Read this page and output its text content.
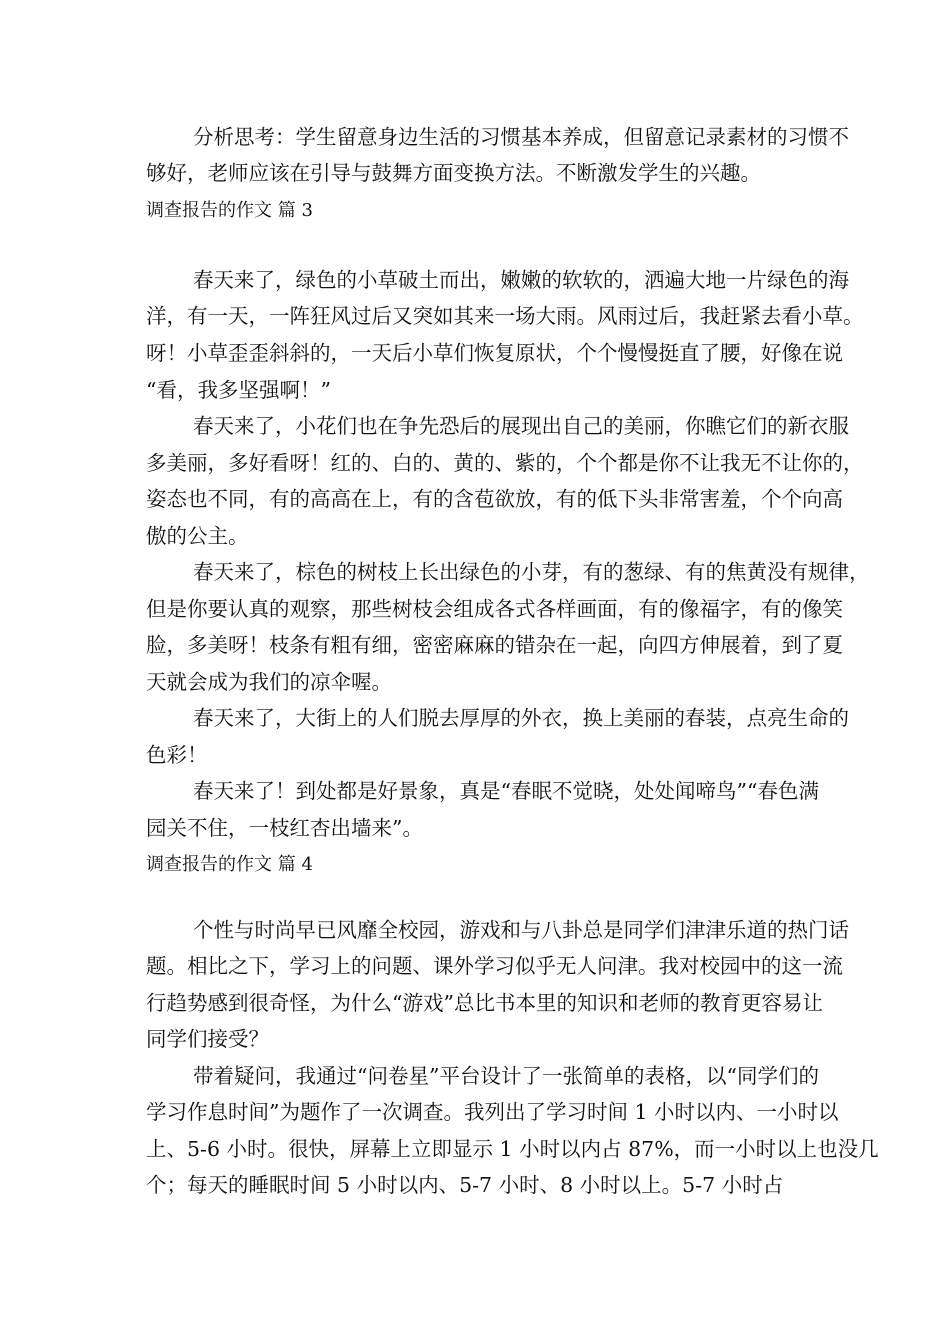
分析思考：学生留意身边生活的习惯基本养成，但留意记录素材的习惯不
够好，老师应该在引导与鼓舞方面变换方法。不断激发学生的兴趣。
调查报告的作文 篇 3
春天来了，绿色的小草破土而出，嫩嫩的软软的，洒遍大地一片绿色的海
洋，有一天，一阵狂风过后又突如其来一场大雨。风雨过后，我赶紧去看小草。
呀！小草歪歪斜斜的，一天后小草们恢复原状，个个慢慢挺直了腰，好像在说
“看，我多坚强啊！”
春天来了，小花们也在争先恐后的展现出自己的美丽，你瞧它们的新衣服
多美丽，多好看呀！红的、白的、黄的、紫的，个个都是你不让我无不让你的，
姿态也不同，有的高高在上，有的含苞欲放，有的低下头非常害羞，个个向高
傲的公主。
春天来了，棕色的树枝上长出绿色的小芽，有的葱绿、有的焦黄没有规律，
但是你要认真的观察，那些树枝会组成各式各样画面，有的像福字，有的像笑
脸，多美呀！枝条有粗有细，密密麻麻的错杂在一起，向四方伸展着，到了夏
天就会成为我们的凉伞喔。
春天来了，大街上的人们脱去厚厚的外衣，换上美丽的春装，点亮生命的
色彩！
春天来了！到处都是好景象，真是“春眠不觉晓，处处闻啼鸟”“春色满
园关不住，一枝红杏出墙来”。
调查报告的作文 篇 4
个性与时尚早已风靡全校园，游戏和与八卦总是同学们津津乐道的热门话
题。相比之下，学习上的问题、课外学习似乎无人问津。我对校园中的这一流
行趋势感到很奇怪，为什么“游戏”总比书本里的知识和老师的教育更容易让
同学们接受？
带着疑问，我通过“问卷星”平台设计了一张简单的表格，以“同学们的
学习作息时间”为题作了一次调查。我列出了学习时间 1 小时以内、一小时以
上、5-6 小时。很快，屏幕上立即显示 1 小时以内占 87%，而一小时以上也没几
个；每天的睡眠时间 5 小时以内、5-7 小时、8 小时以上。5-7 小时占
